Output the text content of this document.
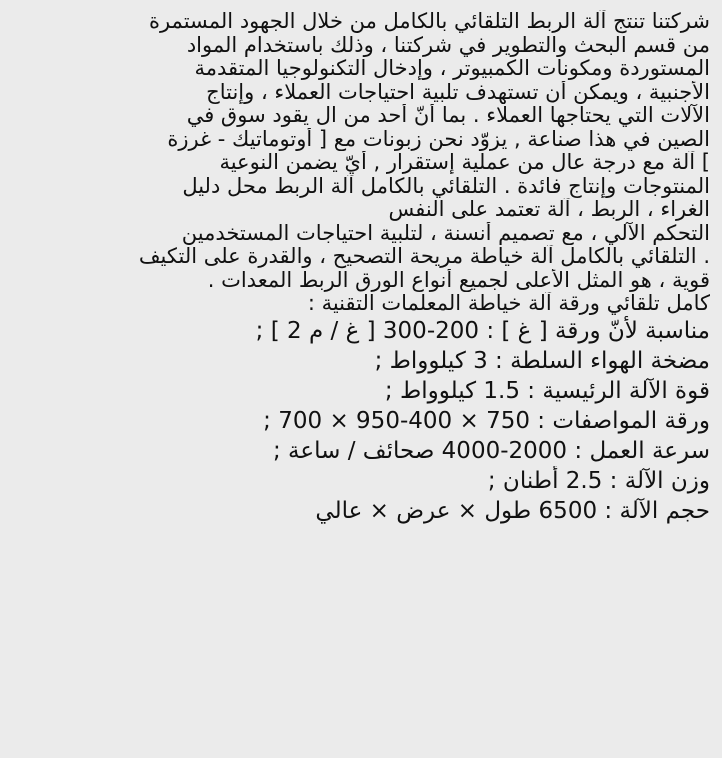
شركتنا تنتج آلة الربط التلقائي بالكامل من خلال الجهود المستمرة
من قسم البحث والتطوير في شركتنا ، وذلك باستخدام المواد
المستوردة ومكونات الكمبيوتر ، وإدخال التكنولوجيا المتقدمة
الأجنبية ، ويمكن أن تستهدف تلبية احتياجات العملاء ، وإنتاج
الآلات التي يحتاجها العملاء . بما أنّ أحد من ال يقود سوق في
الصين في هذا صناعة , يزوّد نحن زبونات مع [ أوتوماتيك - غرزة
] آلة مع درجة عال من عملية إستقرار , أيّ يضمن النوعية
المنتوجات وإنتاج فائدة . التلقائي بالكامل آلة الربط محل دليل
الغراء ، الربط ، آلة تعتمد على النفس
التحكم الآلي ، مع تصميم أنسنة ، لتلبية احتياجات المستخدمين
. التلقائي بالكامل آلة خياطة مريحة التصحيح ، والقدرة على التكيف
قوية ، هو المثل الأعلى لجميع أنواع الورق الربط المعدات .
كامل تلقائي ورقة آلة خياطة المعلمات التقنية :
مناسبة لأنّ ورقة [ غ ] : 200-300 [ غ / م 2 ] ;
مضخة الهواء السلطة : 3 كيلوواط ;
قوة الآلة الرئيسية : 1.5 كيلوواط ;
ورقة المواصفات : 750 × 400-950 × 700 ;
سرعة العمل : 2000-4000 صحائف / ساعة ;
وزن الآلة : 2.5 أطنان ;
حجم الآلة : 6500 طول × عرض × عالي
